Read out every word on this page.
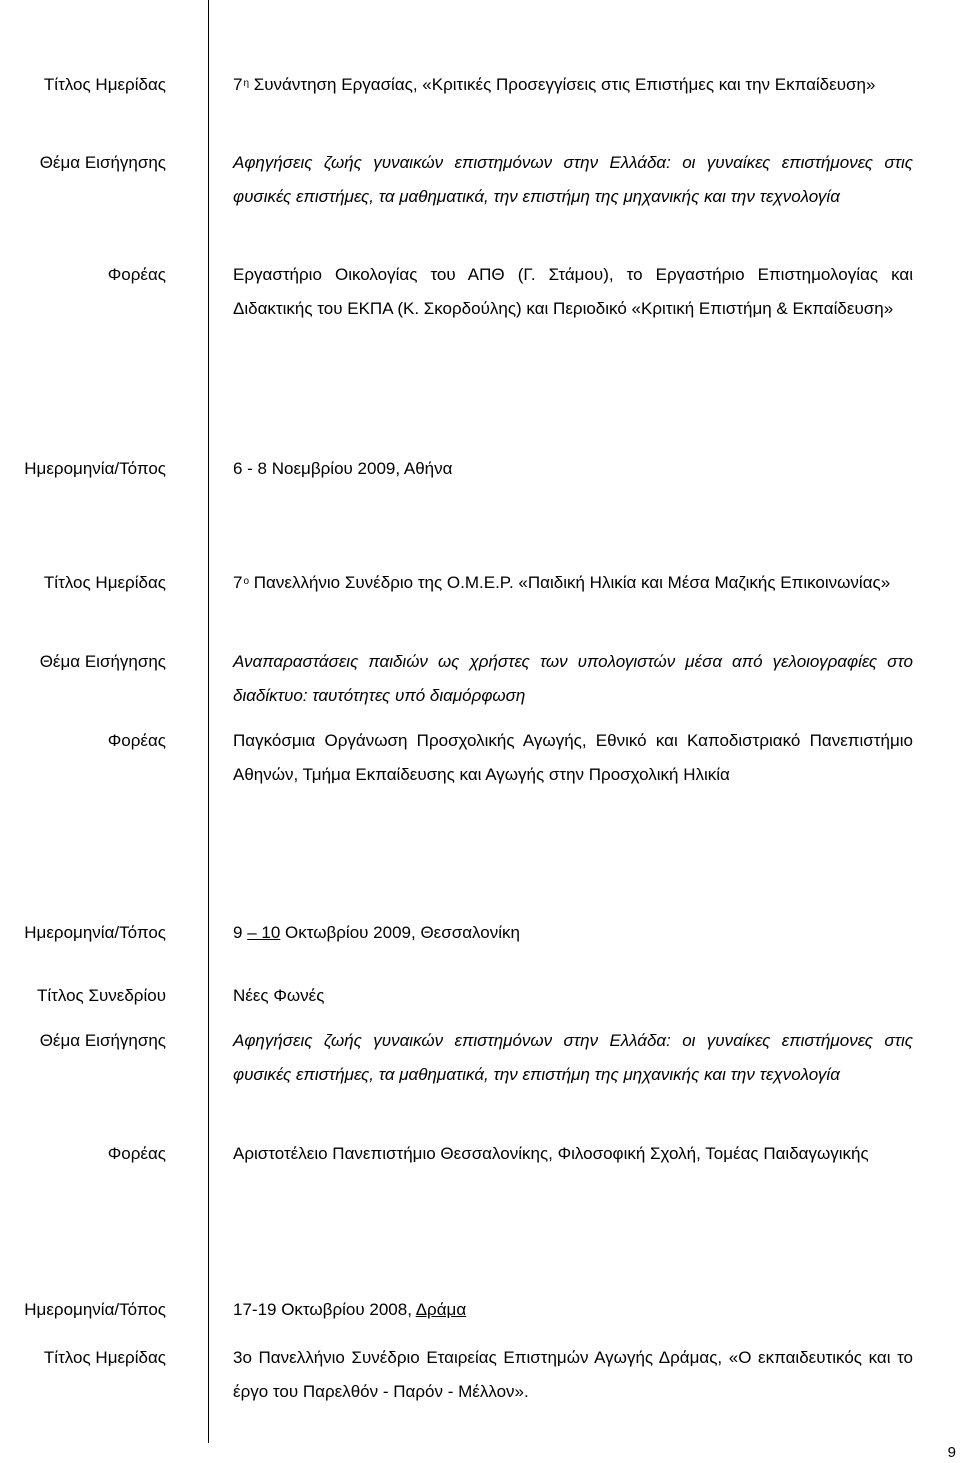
Τίτλος Ημερίδας	$7^\eta$ Συνάντηση Εργασίας, «Κριτικές Προσεγγίσεις στις Επιστήμες και την Εκπαίδευση»
Θέμα Εισήγησης	Αφηγήσεις ζωής γυναικών επιστημόνων στην Ελλάδα: οι γυναίκες επιστήμονες στις φυσικές επιστήμες, τα μαθηματικά, την επιστήμη της μηχανικής και την τεχνολογία
Φορέας	Εργαστήριο Οικολογίας του ΑΠΘ (Γ. Στάμου), το Εργαστήριο Επιστημολογίας και Διδακτικής του ΕΚΠΑ (Κ. Σκορδούλης) και Περιοδικό «Κριτική Επιστήμη & Εκπαίδευση»
Ημερομηνία/Τόπος	6 - 8 Νοεμβρίου 2009, Αθήνα
Τίτλος Ημερίδας	$7^o$ Πανελλήνιο Συνέδριο της Ο.Μ.Ε.Ρ. «Παιδική Ηλικία και Μέσα Μαζικής Επικοινωνίας»
Θέμα Εισήγησης	Αναπαραστάσεις παιδιών ως χρήστες των υπολογιστών μέσα από γελοιογραφίες στο διαδίκτυο: ταυτότητες υπό διαμόρφωση
Φορέας	Παγκόσμια Οργάνωση Προσχολικής Αγωγής, Εθνικό και Καποδιστριακό Πανεπιστήμιο Αθηνών, Τμήμα Εκπαίδευσης και Αγωγής στην Προσχολική Ηλικία
Ημερομηνία/Τόπος	9 – 10 Οκτωβρίου 2009, Θεσσαλονίκη
Τίτλος Συνεδρίου	Νέες Φωνές
Θέμα Εισήγησης	Αφηγήσεις ζωής γυναικών επιστημόνων στην Ελλάδα: οι γυναίκες επιστήμονες στις φυσικές επιστήμες, τα μαθηματικά, την επιστήμη της μηχανικής και την τεχνολογία
Φορέας	Αριστοτέλειο Πανεπιστήμιο Θεσσαλονίκης, Φιλοσοφική Σχολή, Τομέας Παιδαγωγικής
Ημερομηνία/Τόπος	17-19 Οκτωβρίου 2008, Δράμα
Τίτλος Ημερίδας	3ο Πανελλήνιο Συνέδριο Εταιρείας Επιστημών Αγωγής Δράμας, «Ο εκπαιδευτικός και το έργο του Παρελθόν - Παρόν - Μέλλον».
9
